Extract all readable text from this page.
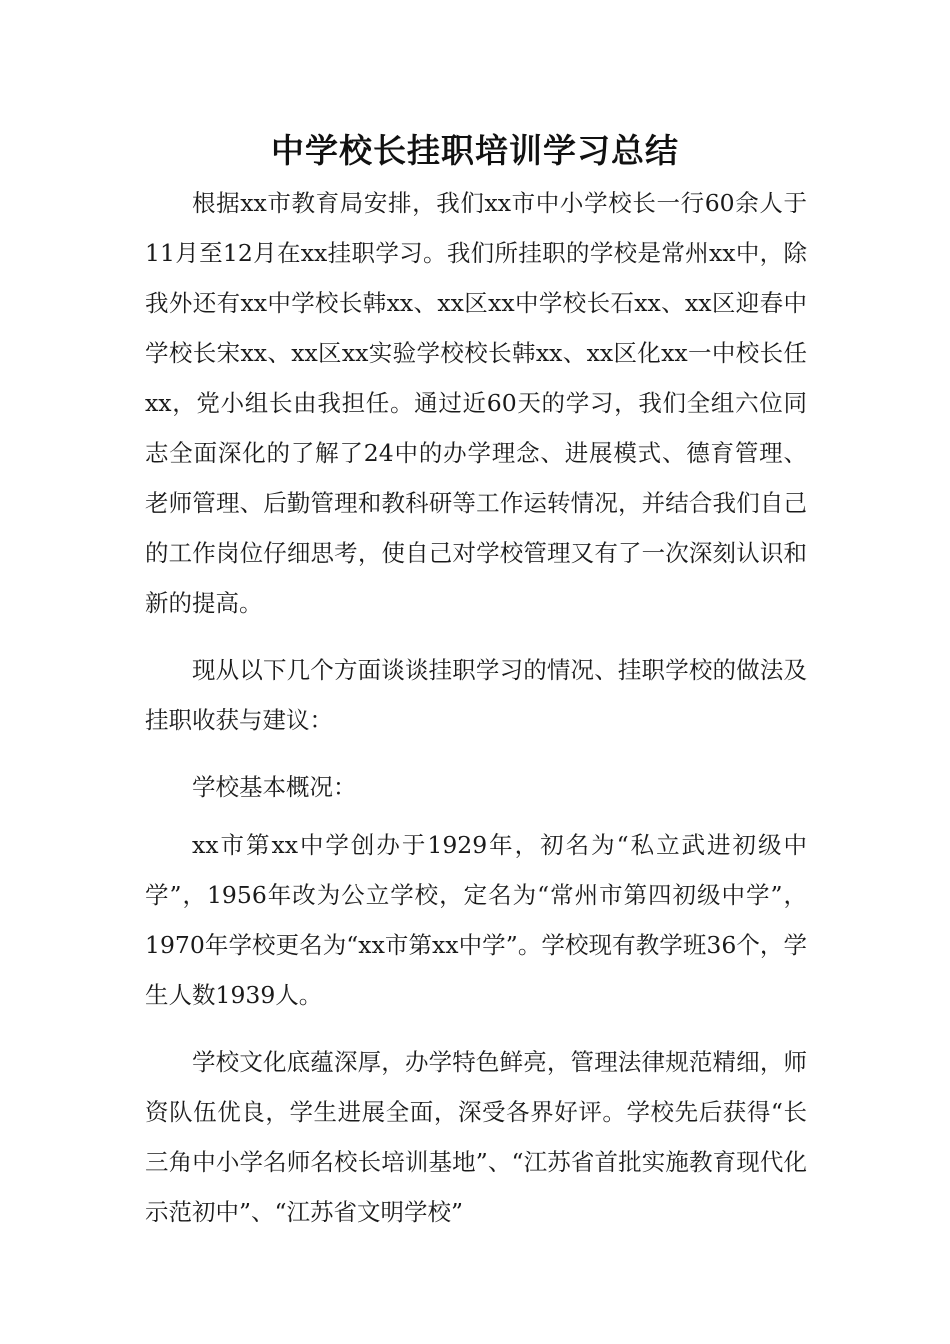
中学校长挂职培训学习总结

根据xx市教育局安排，我们xx市中小学校长一行60余人于11月至12月在xx挂职学习。我们所挂职的学校是常州xx中，除我外还有xx中学校长韩xx、xx区xx中学校长石xx、xx区迎春中学校长宋xx、xx区xx实验学校校长韩xx、xx区化xx一中校长任xx，党小组长由我担任。通过近60天的学习，我们全组六位同志全面深化的了解了24中的办学理念、进展模式、德育管理、老师管理、后勤管理和教科研等工作运转情况，并结合我们自己的工作岗位仔细思考，使自己对学校管理又有了一次深刻认识和新的提高。

现从以下几个方面谈谈挂职学习的情况、挂职学校的做法及挂职收获与建议：

学校基本概况：

xx市第xx中学创办于1929年，初名为“私立武进初级中学”，1956年改为公立学校，定名为“常州市第四初级中学”，1970年学校更名为“xx市第xx中学”。学校现有教学班36个，学生人数1939人。

学校文化底蕴深厚，办学特色鲜亮，管理法律规范精细，师资队伍优良，学生进展全面，深受各界好评。学校先后获得“长三角中小学名师名校长培训基地”、“江苏省首批实施教育现代化示范初中”、“江苏省文明学校”
